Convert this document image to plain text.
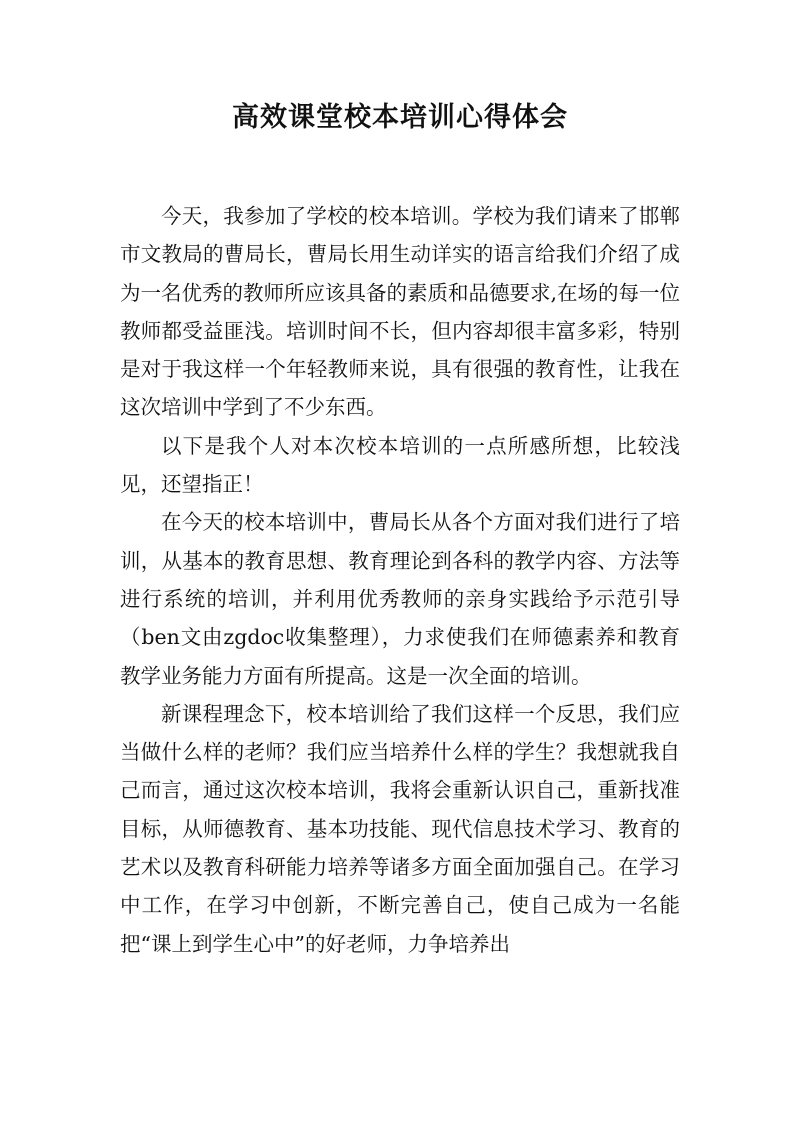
高效课堂校本培训心得体会

今天，我参加了学校的校本培训。学校为我们请来了邯郸市文教局的曹局长，曹局长用生动详实的语言给我们介绍了成为一名优秀的教师所应该具备的素质和品德要求,在场的每一位教师都受益匪浅。培训时间不长，但内容却很丰富多彩，特别是对于我这样一个年轻教师来说，具有很强的教育性，让我在这次培训中学到了不少东西。

以下是我个人对本次校本培训的一点所感所想，比较浅见，还望指正！

在今天的校本培训中，曹局长从各个方面对我们进行了培训，从基本的教育思想、教育理论到各科的教学内容、方法等进行系统的培训，并利用优秀教师的亲身实践给予示范引导（ben文由zgdoc收集整理），力求使我们在师德素养和教育教学业务能力方面有所提高。这是一次全面的培训。

新课程理念下，校本培训给了我们这样一个反思，我们应当做什么样的老师？我们应当培养什么样的学生？我想就我自己而言，通过这次校本培训，我将会重新认识自己，重新找准目标，从师德教育、基本功技能、现代信息技术学习、教育的艺术以及教育科研能力培养等诸多方面全面加强自己。在学习中工作，在学习中创新，不断完善自己，使自己成为一名能把“课上到学生心中”的好老师，力争培养出
